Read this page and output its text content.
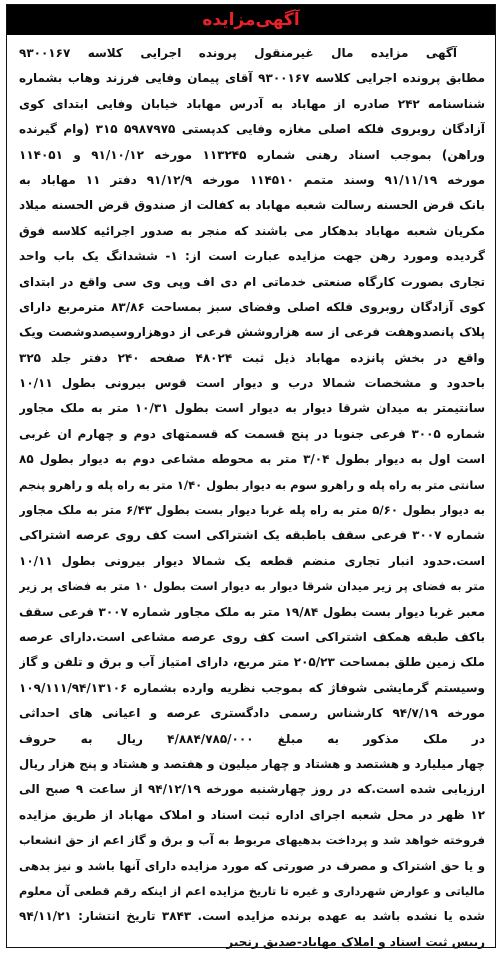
آگهی‌مزایده
آگهی مزایده مال غیرمنقول پرونده اجرایی کلاسه ۹۳۰۰۱۶۷
مطابق پرونده اجرایی کلاسه ۹۳۰۰۱۶۷ آقای پیمان وفایی فرزند وهاب بشماره
شناسنامه ۲۴۲ صادره از مهاباد به آدرس مهاباد خیابان وفایی ابتدای کوی
آزادگان روبروی فلکه اصلی مغازه وفایی کدپستی ۵۹۸۷۹۷۵ ۳۱۵ (وام گیرنده
وراهن) بموجب اسناد رهنی شماره ۱۱۳۲۴۵ مورخه ۹۱/۱۰/۱۲ و ۱۱۴۰۵۱
مورخه ۹۱/۱۱/۱۹ وسند متمم ۱۱۴۵۱۰ مورخه ۹۱/۱۲/۹ دفتر ۱۱ مهاباد به
بانک قرض الحسنه رسالت شعبه مهاباد به کفالت از صندوق قرض الحسنه میلاد
مکریان شعبه مهاباد بدهکار می باشند که منجر به صدور اجرائیه کلاسه فوق
گردیده ومورد رهن جهت مزایده عبارت است از: ۱- ششدانگ یک باب واحد
تجاری بصورت کارگاه صنعتی خدماتی ام دی اف وپی وی سی واقع در ابتدای
کوی آزادگان روبروی فلکه اصلی وفضای سبز بمساحت ۸۳/۸۶ مترمربع دارای
پلاک پانصدوهفت فرعی از سه هزاروشش فرعی از دوهزاروسیصدوشصت ویک
واقع در بخش پانزده مهاباد ذیل ثبت ۴۸۰۲۴ صفحه ۲۴۰ دفتر جلد ۳۲۵
باحدود و مشخصات شمالا درب و دیوار است قوس بیرونی بطول ۱۰/۱۱
سانتیمتر به میدان شرقا دیوار به دیوار است بطول ۱۰/۳۱ متر به ملک مجاور
شماره ۳۰۰۵ فرعی جنوبا در پنج قسمت که قسمتهای دوم و چهارم ان غربی
است اول به دیوار بطول ۳/۰۴ متر به محوطه مشاعی دوم به دیوار بطول ۸۵
سانتی متر به راه پله و راهرو سوم به دیوار بطول ۱/۴۰ متر به راه پله و راهرو پنجم
به دیوار بطول ۵/۶۰ متر به راه پله غربا دیوار بست بطول ۶/۴۳ متر به ملک مجاور
شماره ۳۰۰۷ فرعی سقف باطبقه یک اشتراکی است کف روی عرصه اشتراکی
است.حدود انبار تجاری منضم قطعه یک شمالا دیوار بیرونی بطول ۱۰/۱۱
متر به فضای پر زیر میدان شرقا دیوار به دیوار است بطول ۱۰ متر به فضای پر زیر
معبر غربا دیوار بست بطول ۱۹/۸۴ متر به ملک مجاور شماره ۳۰۰۷ فرعی سقف
باکف طبقه همکف اشتراکی است کف روی عرصه مشاعی است.دارای عرصه
ملک زمین طلق بمساحت ۲۰۵/۲۳ متر مربع، دارای امتیاز آب و برق و تلفن و گاز
وسیستم گرمایشی شوفاژ که بموجب نظریه وارده بشماره ۱۰۹/۱۱۱/۹۴/۱۳۱۰۶
مورخه ۹۴/۷/۱۹ کارشناس رسمی دادگستری عرصه و اعیانی های احداثی
در ملک مذکور به مبلغ ۴/۸۸۴/۷۸۵/۰۰۰ ریال به حروف
چهار میلیارد و هشتصد و هشتاد و چهار میلیون و هفتصد و هشتاد و پنج هزار ریال
ارزیابی شده است.که در روز چهارشنبه مورخه ۹۴/۱۲/۱۹ از ساعت ۹ صبح الی
۱۲ ظهر در محل شعبه اجرای اداره ثبت اسناد و املاک مهاباد از طریق مزایده
فروخته خواهد شد و پرداخت بدهیهای مربوط به آب و برق و گاز اعم از حق انشعاب
و یا حق اشتراک و مصرف در صورتی که مورد مزایده دارای آنها باشد و نیز بدهی
مالیاتی و عوارض شهرداری و غیره تا تاریخ مزایده اعم از اینکه رقم قطعی آن معلوم
شده یا نشده باشد به عهده برنده مزایده است. ۳۸۴۳ تاریخ انتشار: ۹۴/۱۱/۲۱
رییس ثبت اسناد و املاک مهاباد-صدیق رنجبر
